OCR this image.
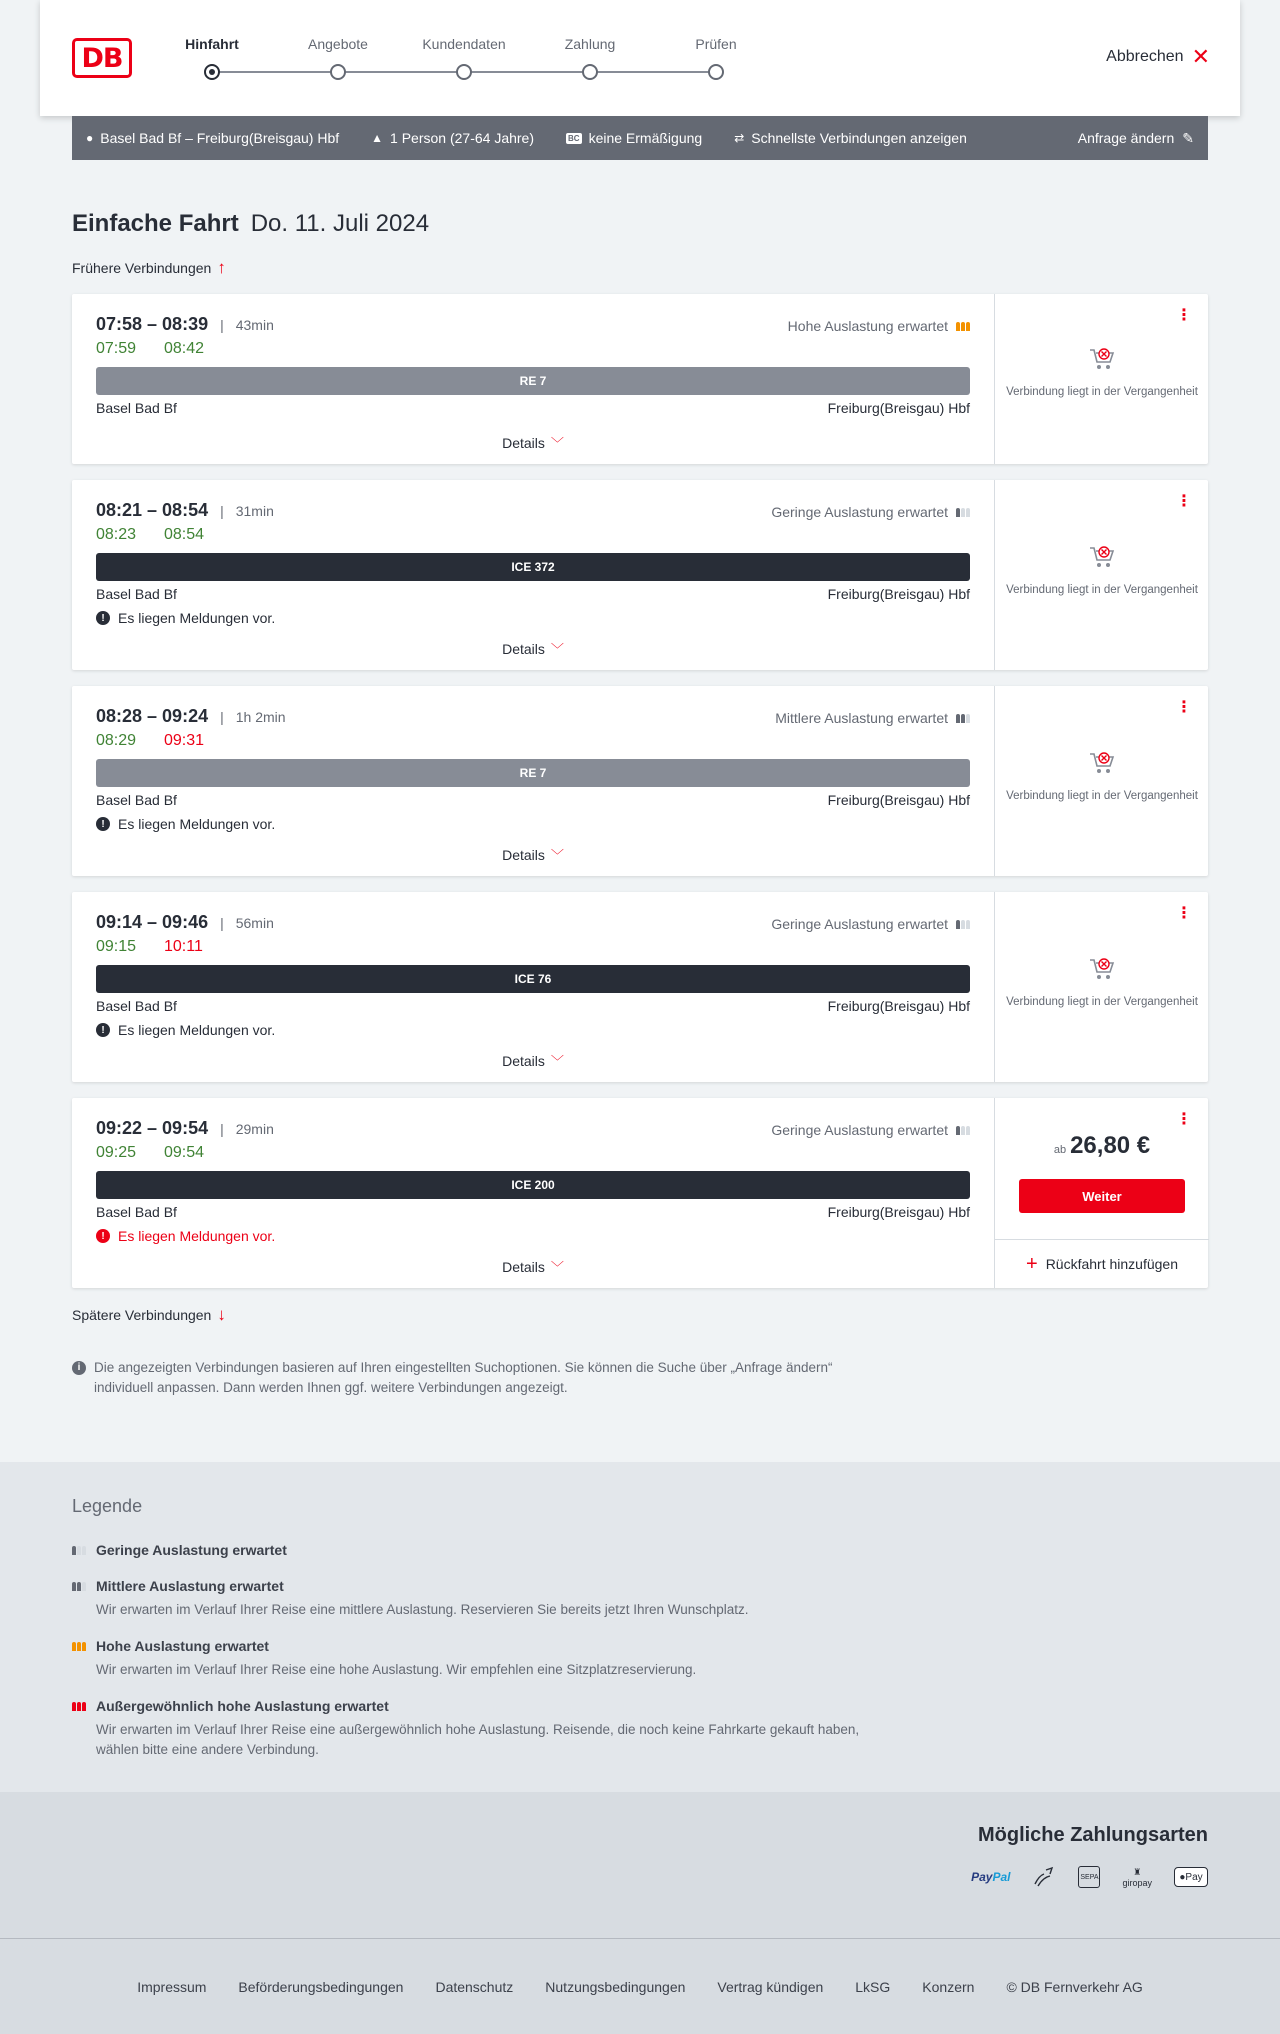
DB	Hinfahrt	Angebote	Kundendaten	Zahlung	Prüfen
Abbrechen ✕
● Basel Bad Bf – Freiburg(Breisgau) Hbf	▲ 1 Person (27-64 Jahre)	BC keine Ermäßigung	⇄ Schnellste Verbindungen anzeigen	Anfrage ändern ✎
Einfache Fahrt Do. 11. Juli 2024
Frühere Verbindungen ↑
07:58 – 08:39 | 43min
07:59 08:42
Hohe Auslastung erwartet
RE 7
Basel Bad Bf	Freiburg(Breisgau) Hbf
Details ﹀
⋮
Verbindung liegt in der Vergangenheit
08:21 – 08:54 | 31min
08:23 08:54
Geringe Auslastung erwartet
ICE 372
Basel Bad Bf	Freiburg(Breisgau) Hbf
! Es liegen Meldungen vor.
Details ﹀
⋮
Verbindung liegt in der Vergangenheit
08:28 – 09:24 | 1h 2min
08:29 09:31
Mittlere Auslastung erwartet
RE 7
Basel Bad Bf	Freiburg(Breisgau) Hbf
! Es liegen Meldungen vor.
Details ﹀
⋮
Verbindung liegt in der Vergangenheit
09:14 – 09:46 | 56min
09:15 10:11
Geringe Auslastung erwartet
ICE 76
Basel Bad Bf	Freiburg(Breisgau) Hbf
! Es liegen Meldungen vor.
Details ﹀
⋮
Verbindung liegt in der Vergangenheit
09:22 – 09:54 | 29min
09:25 09:54
Geringe Auslastung erwartet
ICE 200
Basel Bad Bf	Freiburg(Breisgau) Hbf
! Es liegen Meldungen vor.
Details ﹀
⋮
ab 26,80 €
Weiter
+ Rückfahrt hinzufügen
Spätere Verbindungen ↓
i	Die angezeigten Verbindungen basieren auf Ihren eingestellten Suchoptionen. Sie können die Suche über „Anfrage ändern“ individuell anpassen. Dann werden Ihnen ggf. weitere Verbindungen angezeigt.
Legende
Geringe Auslastung erwartet
Mittlere Auslastung erwartet
Wir erwarten im Verlauf Ihrer Reise eine mittlere Auslastung. Reservieren Sie bereits jetzt Ihren Wunschplatz.
Hohe Auslastung erwartet
Wir erwarten im Verlauf Ihrer Reise eine hohe Auslastung. Wir empfehlen eine Sitzplatzreservierung.
Außergewöhnlich hohe Auslastung erwartet
Wir erwarten im Verlauf Ihrer Reise eine außergewöhnlich hohe Auslastung. Reisende, die noch keine Fahrkarte gekauft haben, wählen bitte eine andere Verbindung.
Mögliche Zahlungsarten
Pay Pal	SEPA
♜
giropay	● Pay
Impressum Beförderungsbedingungen Datenschutz Nutzungsbedingungen Vertrag kündigen LkSG Konzern © DB Fernverkehr AG
